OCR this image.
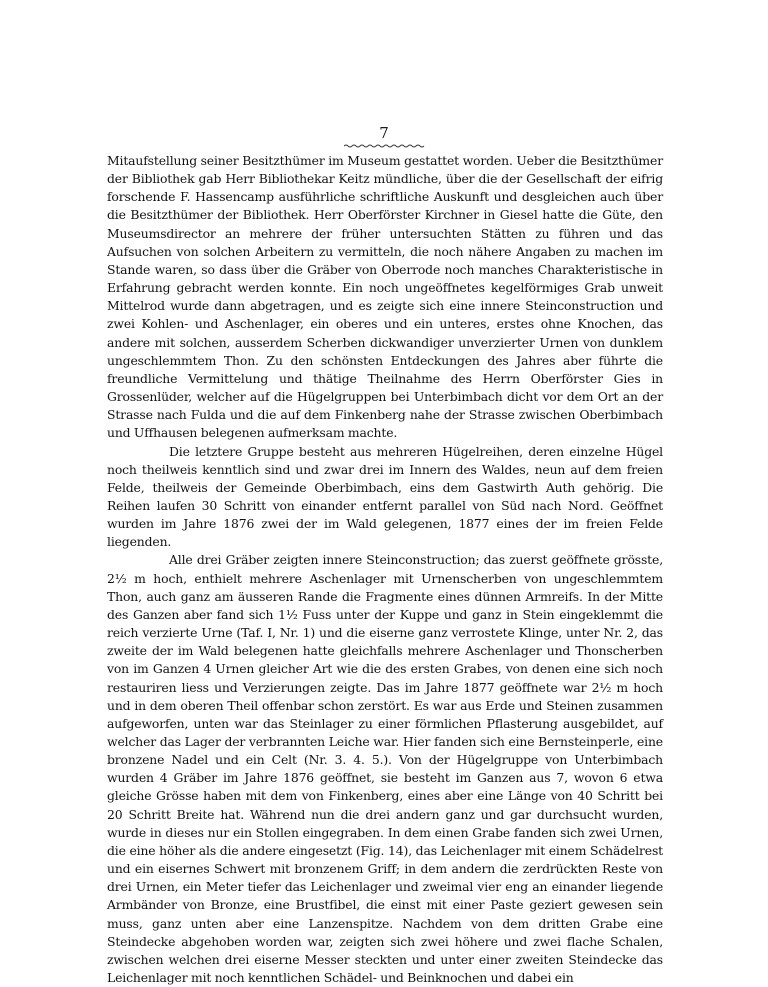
7

Mitaufstellung seiner Besitzthümer im Museum gestattet worden. Ueber die Besitzthümer der Bibliothek gab Herr Bibliothekar Keitz mündliche, über die der Gesellschaft der eifrig forschende F. Hassencamp ausführliche schriftliche Auskunft und desgleichen auch über die Besitzthümer der Bibliothek. Herr Oberförster Kirchner in Giesel hatte die Güte, den Museumsdirector an mehrere der früher untersuchten Stätten zu führen und das Aufsuchen von solchen Arbeitern zu vermitteln, die noch nähere Angaben zu machen im Stande waren, so dass über die Gräber von Oberrode noch manches Charakteristische in Erfahrung gebracht werden konnte. Ein noch ungeöffnetes kegelförmiges Grab unweit Mittelrod wurde dann abgetragen, und es zeigte sich eine innere Steinconstruction und zwei Kohlen- und Aschenlager, ein oberes und ein unteres, erstes ohne Knochen, das andere mit solchen, ausserdem Scherben dickwandiger unverzierter Urnen von dunklem ungeschlemmtem Thon. Zu den schönsten Entdeckungen des Jahres aber führte die freundliche Vermittelung und thätige Theilnahme des Herrn Oberförster Gies in Grossenlüder, welcher auf die Hügelgruppen bei Unterbimbach dicht vor dem Ort an der Strasse nach Fulda und die auf dem Finkenberg nahe der Strasse zwischen Oberbimbach und Uffhausen belegenen aufmerksam machte.

Die letztere Gruppe besteht aus mehreren Hügelreihen, deren einzelne Hügel noch theilweis kenntlich sind und zwar drei im Innern des Waldes, neun auf dem freien Felde, theilweis der Gemeinde Oberbimbach, eins dem Gastwirth Auth gehörig. Die Reihen laufen 30 Schritt von einander entfernt parallel von Süd nach Nord. Geöffnet wurden im Jahre 1876 zwei der im Wald gelegenen, 1877 eines der im freien Felde liegenden.

Alle drei Gräber zeigten innere Steinconstruction; das zuerst geöffnete grösste, 2½ m hoch, enthielt mehrere Aschenlager mit Urnenscherben von ungeschlemmtem Thon, auch ganz am äusseren Rande die Fragmente eines dünnen Armreifs. In der Mitte des Ganzen aber fand sich 1½ Fuss unter der Kuppe und ganz in Stein eingeklemmt die reich verzierte Urne (Taf. I, Nr. 1) und die eiserne ganz verrostete Klinge, unter Nr. 2, das zweite der im Wald belegenen hatte gleichfalls mehrere Aschenlager und Thonscherben von im Ganzen 4 Urnen gleicher Art wie die des ersten Grabes, von denen eine sich noch restauriren liess und Verzierungen zeigte. Das im Jahre 1877 geöffnete war 2½ m hoch und in dem oberen Theil offenbar schon zerstört. Es war aus Erde und Steinen zusammen aufgeworfen, unten war das Steinlager zu einer förmlichen Pflasterung ausgebildet, auf welcher das Lager der verbrannten Leiche war. Hier fanden sich eine Bernsteinperle, eine bronzene Nadel und ein Celt (Nr. 3. 4. 5.). Von der Hügelgruppe von Unterbimbach wurden 4 Gräber im Jahre 1876 geöffnet, sie besteht im Ganzen aus 7, wovon 6 etwa gleiche Grösse haben mit dem von Finkenberg, eines aber eine Länge von 40 Schritt bei 20 Schritt Breite hat. Während nun die drei andern ganz und gar durchsucht wurden, wurde in dieses nur ein Stollen eingegraben. In dem einen Grabe fanden sich zwei Urnen, die eine höher als die andere eingesetzt (Fig. 14), das Leichenlager mit einem Schädelrest und ein eisernes Schwert mit bronzenem Griff; in dem andern die zerdrückten Reste von drei Urnen, ein Meter tiefer das Leichenlager und zweimal vier eng an einander liegende Armbänder von Bronze, eine Brustfibel, die einst mit einer Paste geziert gewesen sein muss, ganz unten aber eine Lanzenspitze. Nachdem von dem dritten Grabe eine Steindecke abgehoben worden war, zeigten sich zwei höhere und zwei flache Schalen, zwischen welchen drei eiserne Messer steckten und unter einer zweiten Steindecke das Leichenlager mit noch kenntlichen Schädel- und Beinknochen und dabei ein
